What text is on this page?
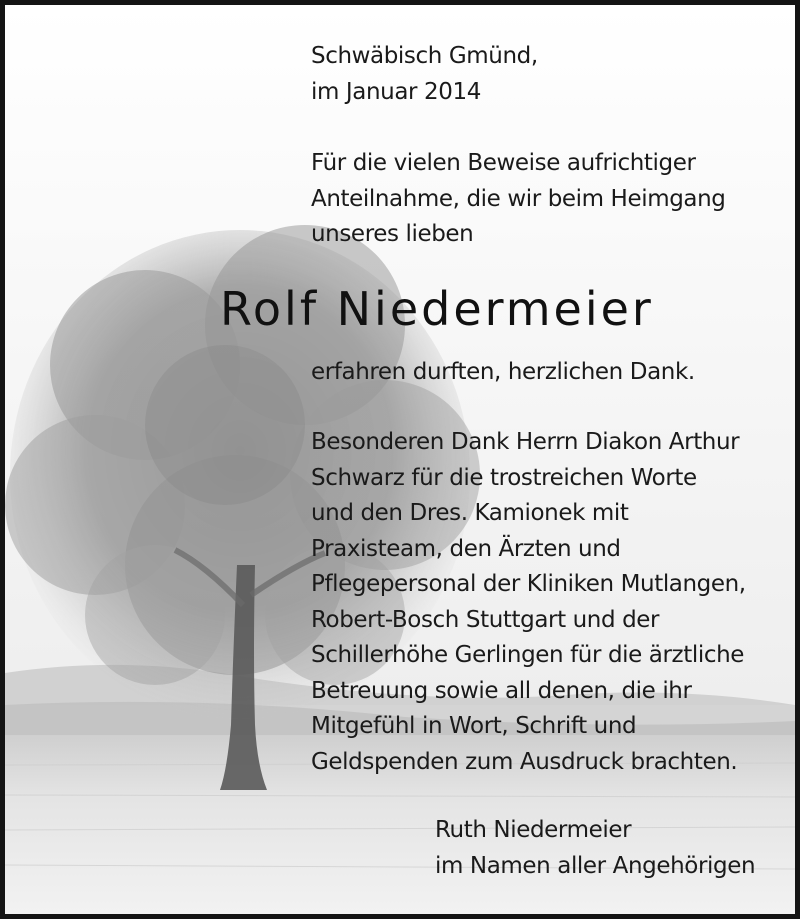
Schwäbisch Gmünd,
im Januar 2014

Für die vielen Beweise aufrichtiger
Anteilnahme, die wir beim Heimgang
unseres lieben

Rolf Niedermeier

erfahren durften, herzlichen Dank.

Besonderen Dank Herrn Diakon Arthur
Schwarz für die trostreichen Worte
und den Dres. Kamionek mit
Praxisteam, den Ärzten und
Pflegepersonal der Kliniken Mutlangen,
Robert-Bosch Stuttgart und der
Schillerhöhe Gerlingen für die ärztliche
Betreuung sowie all denen, die ihr
Mitgefühl in Wort, Schrift und
Geldspenden zum Ausdruck brachten.

Ruth Niedermeier
im Namen aller Angehörigen
